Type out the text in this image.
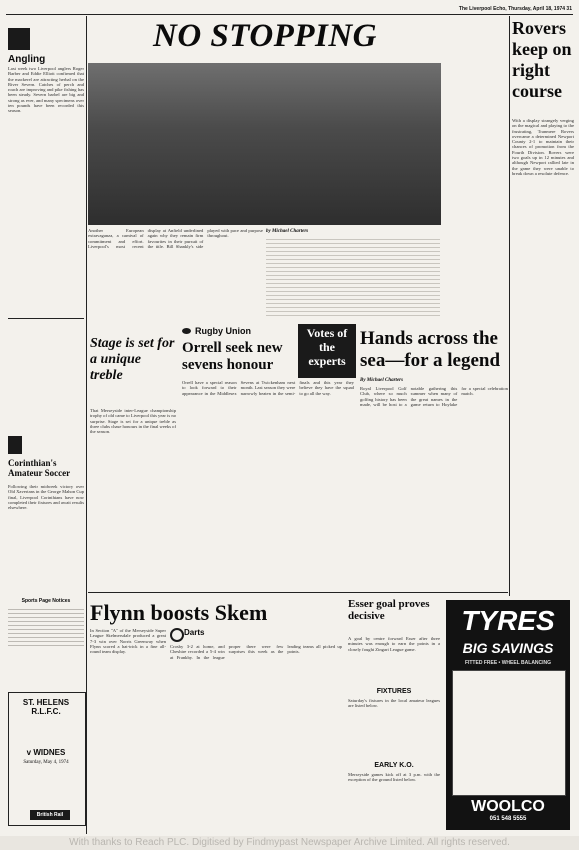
The Liverpool Echo, Thursday, April 18, 1974 31
NO STOPPING
Angling
Last week two Liverpool anglers Roger Barber and Eddie Elliott confirmed that the mackerel are attracting herbal on the River Severn. Catches of perch and roach are improving and pike fishing has been steady. Severn barbel are big and strong as ever, and many specimens over ten pounds have been recorded this season.
Corinthian's Amateur Soccer
Following their midweek victory over Old Xaverians in the George Mahon Cup final, Liverpool Corinthians have now completed their fixtures and await results elsewhere.
Sports Page Notices
ST. HELENS R.L.F.C.
v WIDNES
Saturday, May 4, 1974
British Rail
Another European extravaganza, a carnival of commitment and effort. Liverpool's most recent display at Anfield underlined again why they remain firm favourites in their pursuit of the title. Bill Shankly's side played with pace and purpose throughout.
by Michael Charters
Rovers keep on right course
With a display strangely verging on the magical and playing to the frustrating, Tranmere Rovers overcame a determined Newport County 2-1 to maintain their chances of promotion from the Fourth Division. Rovers were two goals up in 12 minutes and although Newport rallied late in the game they were unable to break down a resolute defence.
Stage is set for a unique treble
That Merseyside inter-League championship trophy of old came to Liverpool this year is no surprise. Stage is set for a unique treble as three clubs chase honours in the final weeks of the season.
Rugby Union
Orrell seek new sevens honour
Orrell have a special reason to look forward to their appearance in the Middlesex Sevens at Twickenham next month. Last season they were narrowly beaten in the semi-finals and this year they believe they have the squad to go all the way.
Votes of the experts
Hands across the sea—for a legend
By Michael Charters
Royal Liverpool Golf Club, where so much golfing history has been made, will be host to a notable gathering this summer when many of the great names in the game return to Hoylake for a special celebration match.
Flynn boosts Skem
In Section "A" of the Merseyside Super League Skelmersdale produced a great 7-3 win over Norris Greenway when Flynn scored a hat-trick in a fine all-round team display.
Darts
Crosby 3-2 at home, and Cheshire recorded a 5-4 win at Frankby. In the league proper there were few surprises this week as the leading teams all picked up points.
Esser goal proves decisive
A goal by centre forward Esser after three minutes was enough to earn the points in a closely fought Zingari League game.
FIXTURES
Saturday's fixtures in the local amateur leagues are listed below.
EARLY K.O.
Merseyside games kick off at 3 p.m. with the exception of the ground listed below.
TYRES
BIG SAVINGS
FITTED FREE • WHEEL BALANCING
WOOLCO
051 548 5555
With thanks to Reach PLC. Digitised by Findmypast Newspaper Archive Limited. All rights reserved.
